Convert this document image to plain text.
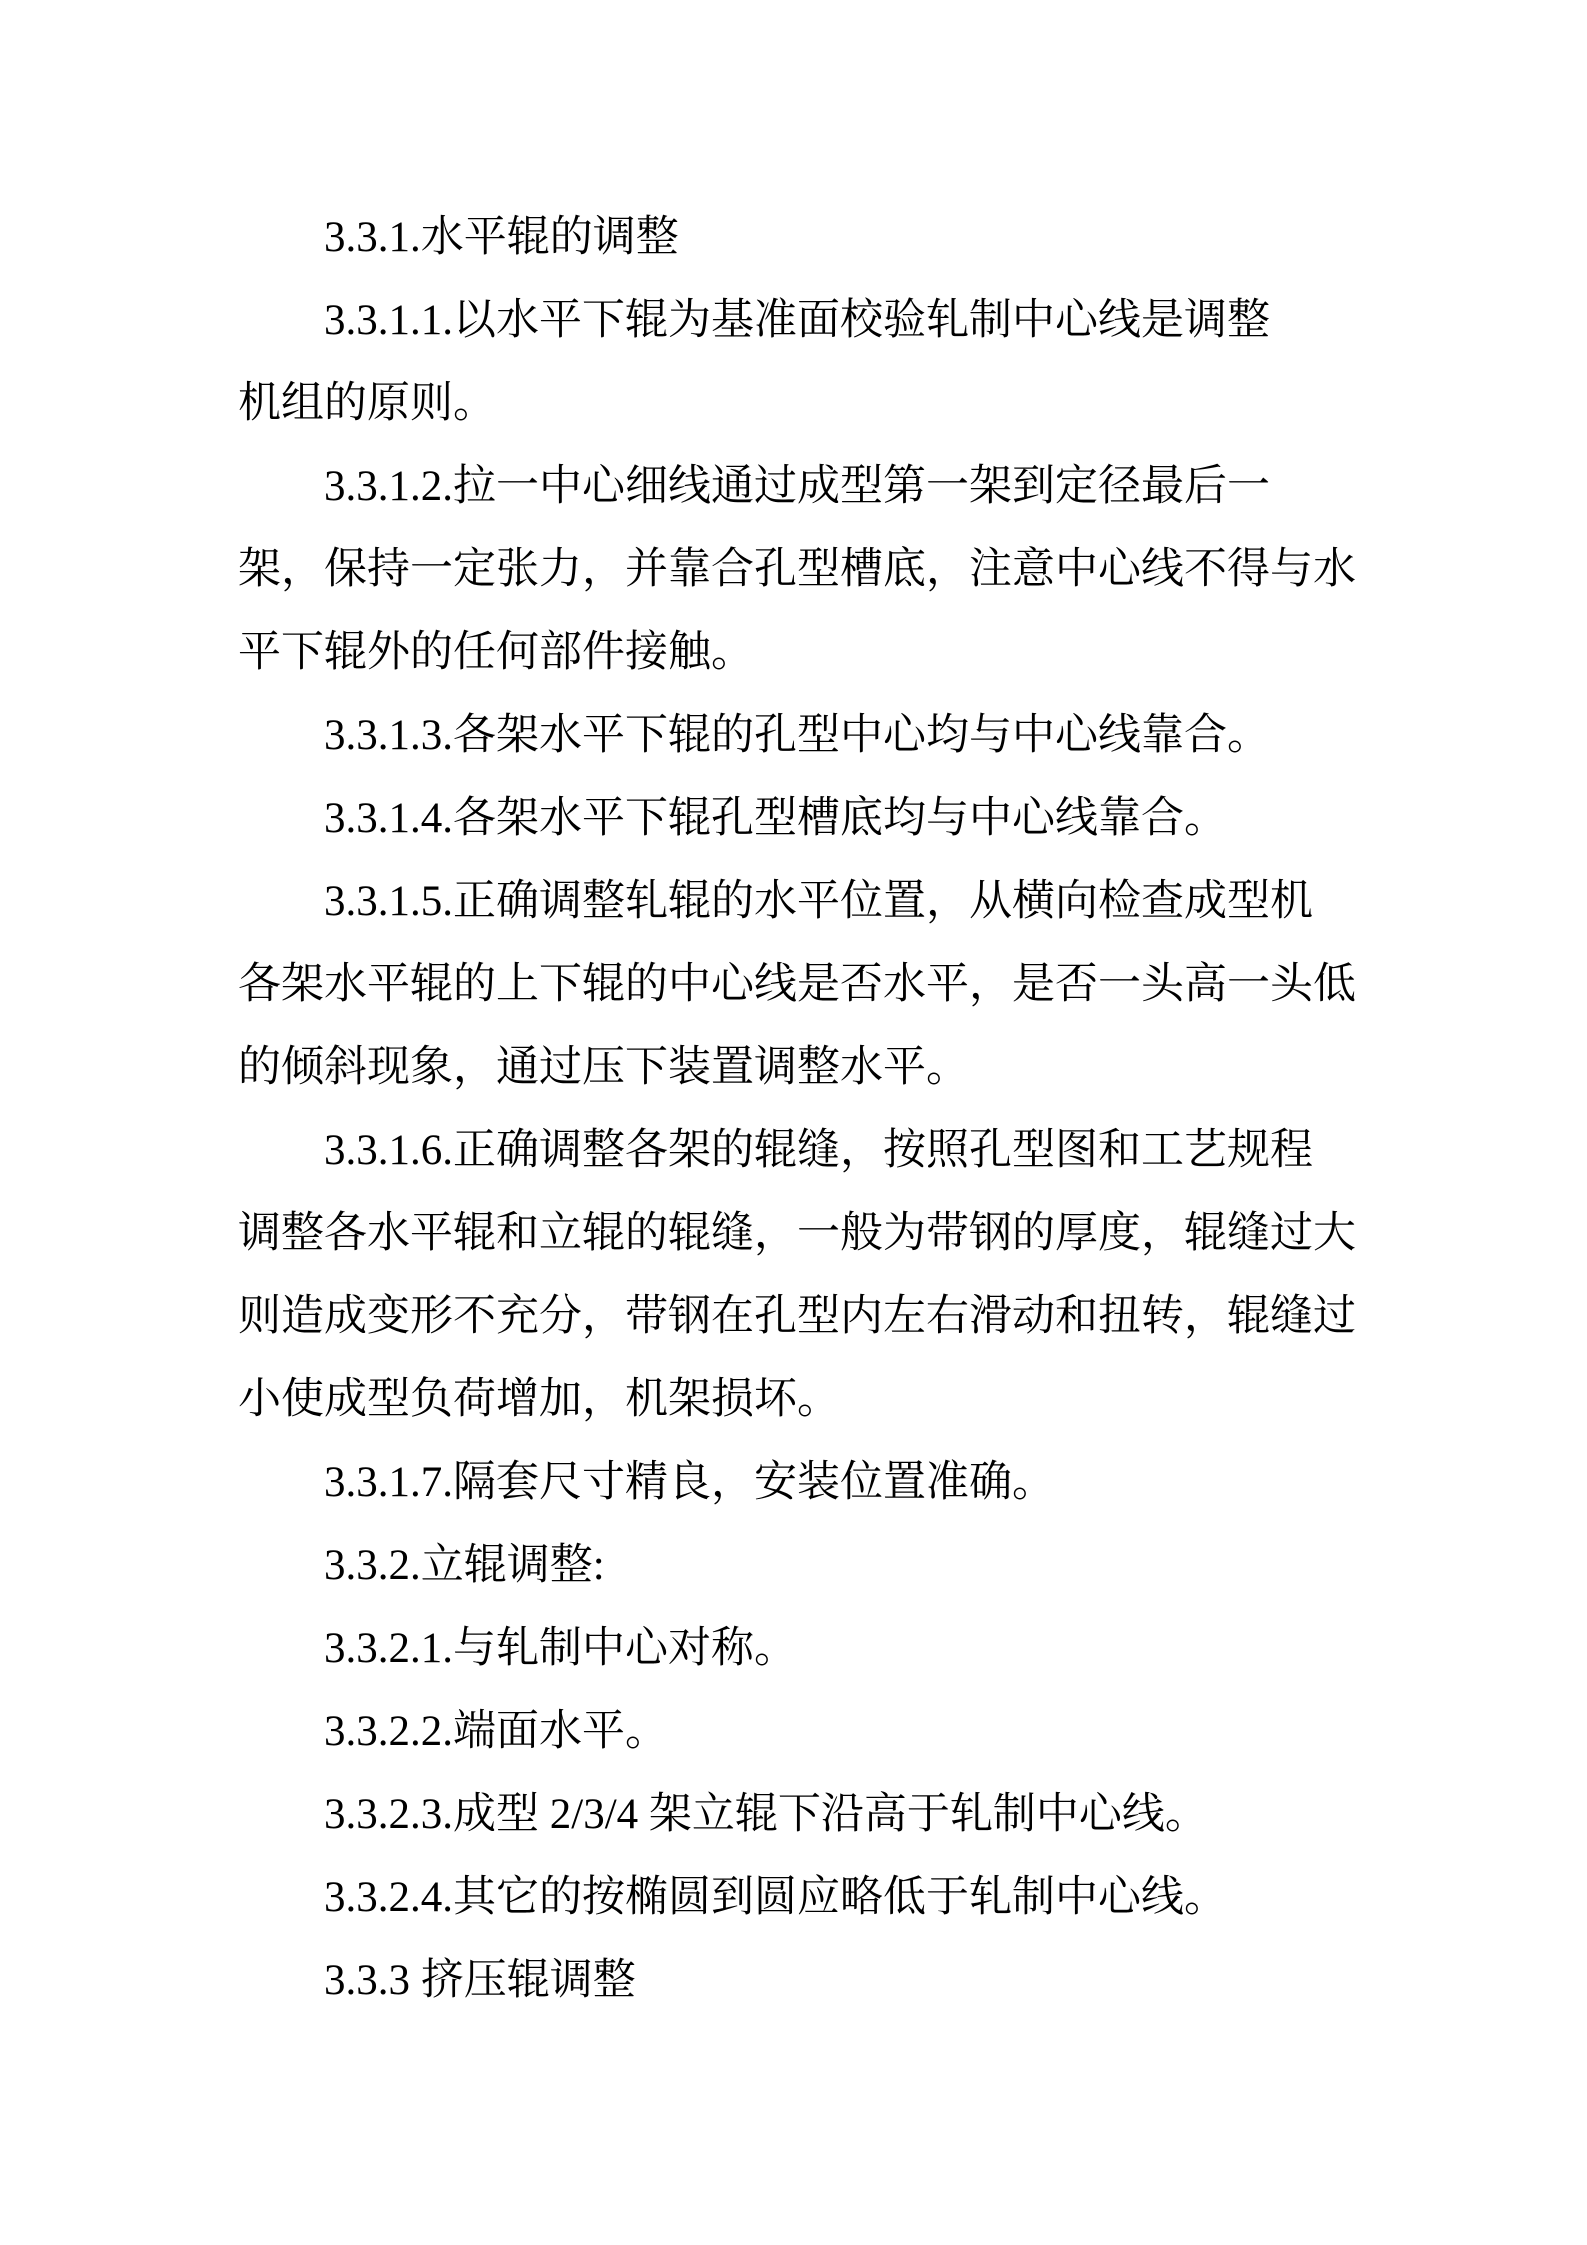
　　3.3.1.水平辊的调整
　　3.3.1.1.以水平下辊为基准面校验轧制中心线是调整
机组的原则。
　　3.3.1.2.拉一中心细线通过成型第一架到定径最后一
架，保持一定张力，并靠合孔型槽底，注意中心线不得与水
平下辊外的任何部件接触。
　　3.3.1.3.各架水平下辊的孔型中心均与中心线靠合。
　　3.3.1.4.各架水平下辊孔型槽底均与中心线靠合。
　　3.3.1.5.正确调整轧辊的水平位置，从横向检查成型机
各架水平辊的上下辊的中心线是否水平，是否一头高一头低
的倾斜现象，通过压下装置调整水平。
　　3.3.1.6.正确调整各架的辊缝，按照孔型图和工艺规程
调整各水平辊和立辊的辊缝，一般为带钢的厚度，辊缝过大
则造成变形不充分，带钢在孔型内左右滑动和扭转，辊缝过
小使成型负荷增加，机架损坏。
　　3.3.1.7.隔套尺寸精良，安装位置准确。
　　3.3.2.立辊调整:
　　3.3.2.1.与轧制中心对称。
　　3.3.2.2.端面水平。
　　3.3.2.3.成型 2/3/4 架立辊下沿高于轧制中心线。
　　3.3.2.4.其它的按椭圆到圆应略低于轧制中心线。
　　3.3.3 挤压辊调整
